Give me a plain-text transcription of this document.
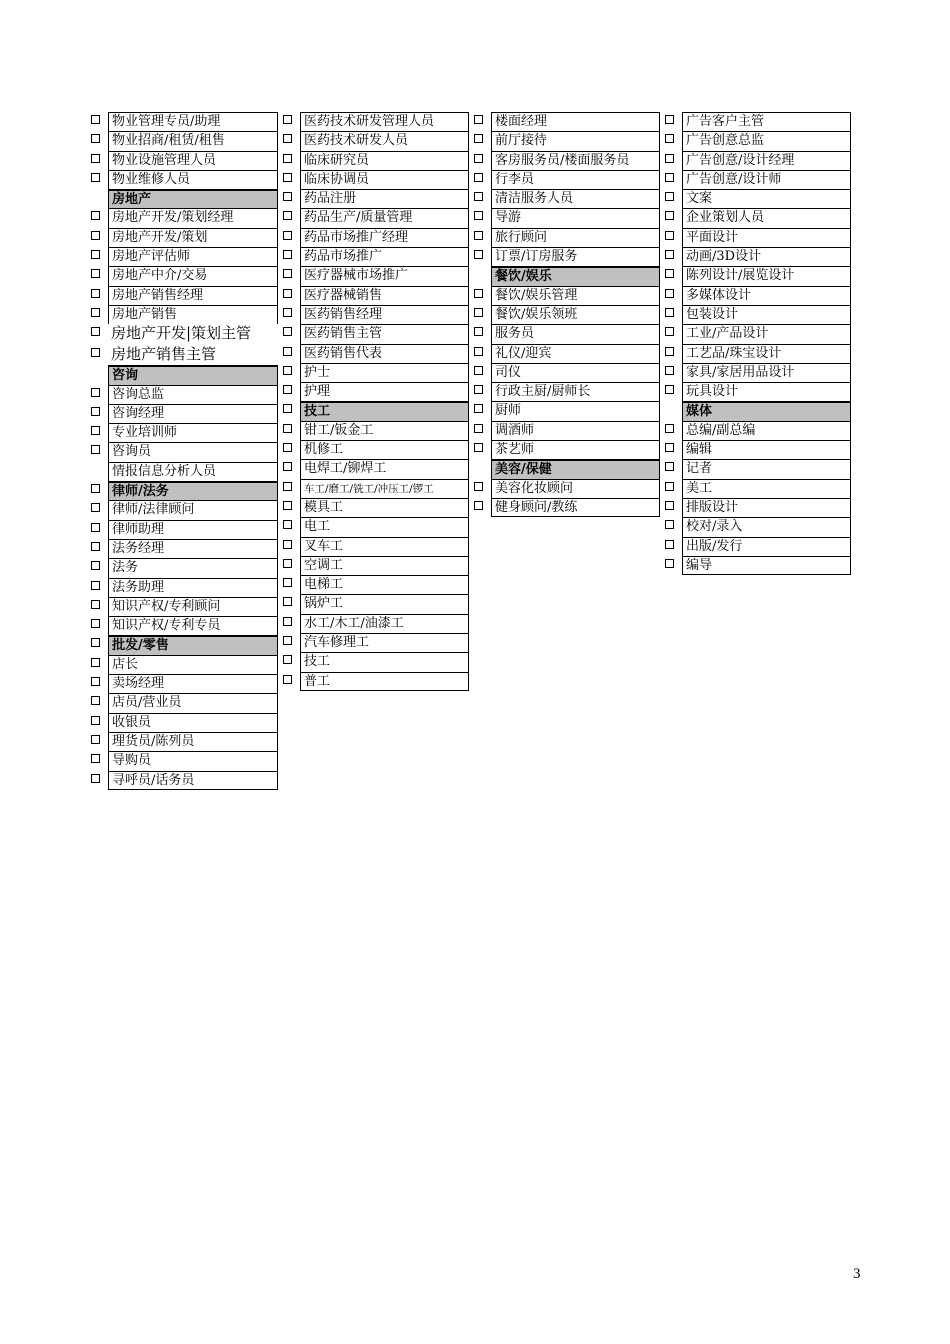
物业管理专员/助理
物业招商/租赁/租售
物业设施管理人员
物业维修人员
房地产
房地产开发/策划经理
房地产开发/策划
房地产评估师
房地产中介/交易
房地产销售经理
房地产销售
房地产开发|策划主管
房地产销售主管
咨询
咨询总监
咨询经理
专业培训师
咨询员
情报信息分析人员
律师/法务
律师/法律顾问
律师助理
法务经理
法务
法务助理
知识产权/专利顾问
知识产权/专利专员
批发/零售
店长
卖场经理
店员/营业员
收银员
理货员/陈列员
导购员
寻呼员/话务员
医药技术研发管理人员
医药技术研发人员
临床研究员
临床协调员
药品注册
药品生产/质量管理
药品市场推广经理
药品市场推广
医疗器械市场推广
医疗器械销售
医药销售经理
医药销售主管
医药销售代表
护士
护理
技工
钳工/钣金工
机修工
电焊工/铆焊工
车工/磨工/铣工/冲压工/锣工
模具工
电工
叉车工
空调工
电梯工
锅炉工
水工/木工/油漆工
汽车修理工
技工
普工
楼面经理
前厅接待
客房服务员/楼面服务员
行李员
清洁服务人员
导游
旅行顾问
订票/订房服务
餐饮/娱乐
餐饮/娱乐管理
餐饮/娱乐领班
服务员
礼仪/迎宾
司仪
行政主厨/厨师长
厨师
调酒师
茶艺师
美容/保健
美容化妆顾问
健身顾问/教练
广告客户主管
广告创意总监
广告创意/设计经理
广告创意/设计师
文案
企业策划人员
平面设计
动画/3D设计
陈列设计/展览设计
多媒体设计
包装设计
工业/产品设计
工艺品/珠宝设计
家具/家居用品设计
玩具设计
媒体
总编/副总编
编辑
记者
美工
排版设计
校对/录入
出版/发行
编导
3
